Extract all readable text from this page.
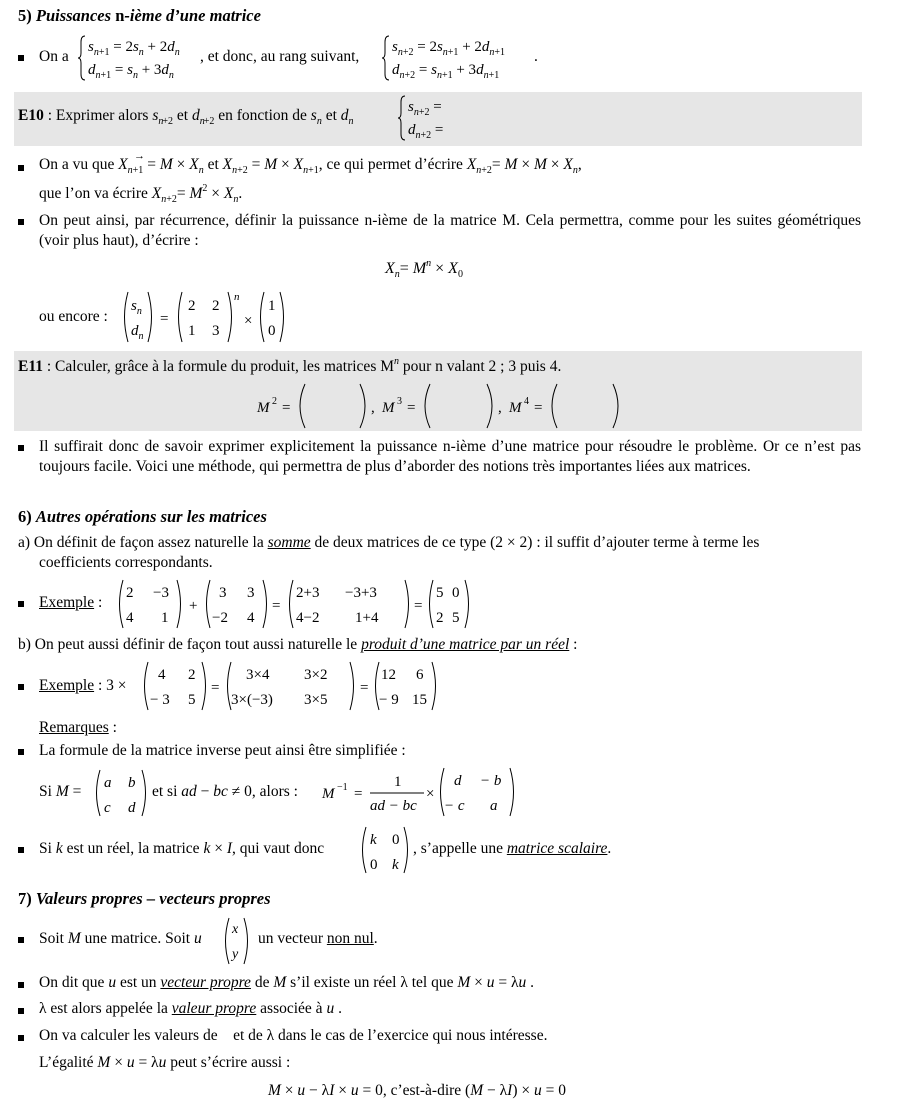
5) Puissances n-ième d’une matrice
On a
$s_n+1 = 2s_n + 2d_n$
$d_n+1 = s_n + 3d_n$
, et donc, au rang suivant,
$s_n+2 = 2s_n+1 + 2d_n+1$
$d_n+2 = s_n+1 + 3d_n+1$
.
E10 : Exprimer alors $s_{n+2}$ et $d_{n+2}$ en fonction de $s_n$ et $d_n$
$s_n+2$ =
$d_n+2$ =
On a vu que $X_{n+1} = M \times X_n$ et $X_{n+2} = M \times X_{n+1}$, ce qui permet d’écrire $X_{n+2}= M \times M \times X_n$,
que l’on va écrire $X_{n+2}= M^2 \times X_n$.
On peut ainsi, par récurrence, définir la puissance n-ième de la matrice M. Cela permettra, comme pour les suites géométriques (voir plus haut), d’écrire :
$X_n= M^n \times X_0$
ou encore :
$s_n$
$d_n$
=
2 2
1 3
n
×
1
0
E11 : Calculer, grâce à la formule du produit, les matrices $M^n$ pour n valant 2 ; 3 puis 4.
M 2 =	, M 3 =	, M 4 =
Il suffirait donc de savoir exprimer explicitement la puissance n-ième d’une matrice pour résoudre le problème. Or ce n’est pas toujours facile. Voici une méthode, qui permettra de plus d’aborder des notions très importantes liées aux matrices.
6) Autres opérations sur les matrices
a) On définit de façon assez naturelle la somme de deux matrices de ce type (2 × 2) : il suffit d’ajouter terme à terme les
coefficients correspondants.
Exemple :
2 −3
4 1
+
3 3
−2 4
=
2+3 −3+3
4−2 1+4
=
5 0
2 5
b) On peut aussi définir de façon tout aussi naturelle le produit d’une matrice par un réel :
Exemple : 3 ×
4 2
− 3 5
=
3×4 3×2
3×(−3) 3×5
=
12 6
− 9 15
Remarques :
La formule de la matrice inverse peut ainsi être simplifiée :
Si M = a b
c d
et si ad − bc ≠ 0, alors : M −1 =
1
ad − bc
×
d − b
− c a
Si k est un réel, la matrice k × I, qui vaut donc	k 0
0 k
, s’appelle une matrice scalaire.
7) Valeurs propres – vecteurs propres
Soit M une matrice. Soit u
x
y
un vecteur non nul.
On dit que u est un vecteur propre de M s’il existe un réel λ tel que M × u = λu .
λ est alors appelée la valeur propre associée à u .
On va calculer les valeurs de    et de λ dans le cas de l’exercice qui nous intéresse.
L’égalité M × u = λu peut s’écrire aussi :
M × u − λI × u = 0, c’est-à-dire (M − λI) × u = 0
→
